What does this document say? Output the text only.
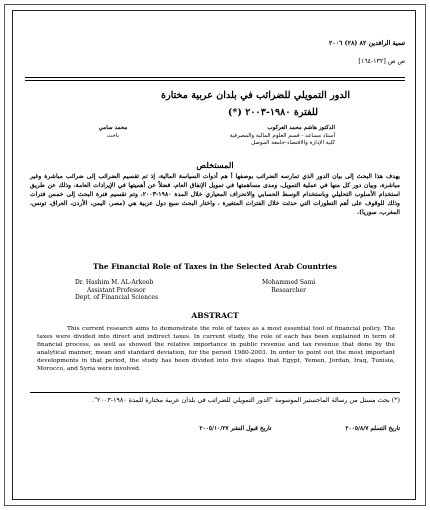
تنمية الرافدين ٨٢ (٢٨) ٢٠٠٦
ص ص [١٣٢-١٦٤]
الدور التمويلي للضرائب في بلدان عربية مختارة
للفترة ١٩٨٠-٢٠٠٣ (*)
الدكتور هاشم محمد العركوب
أستاذ مساعد - قسم العلوم المالية والمصرفية
كلية الإدارة والاقتصاد-جامعة الموصل
محمد سامي
باحث
المستخلص
يهدف هذا البحث إلى بيان الدور الذي تمارسه الضرائب بوصفها أ هم أدوات السياسة المالية، إذ تم تقسيم الضرائب إلى ضرائب مباشرة وغير مباشرة، وبيان دور كل منها في عملية التمويل، ومدى مساهمتها في تمويل الإنفاق العام، فضلاً عن أهميتها في الإيرادات العامة، وذلك عن طريق استخدام الأسلوب التحليلي وباستخدام الوسط الحسابي والانحراف المعياري خلال المدة ١٩٨٠-٢٠٠٣، وتم تقسيم فترة البحث إلى خمس فترات وذلك للوقوف على أهم التطورات التي حدثت خلال الفترات المتغيرة ، واختار البحث سبع دول عربية هي (مصر، اليمن، الأردن، العراق، تونس، المغرب، سوريا).
The Financial Role of Taxes in the Selected Arab Countries
Dr. Hashim M. AL-Arkoob
Assistant Professor
Dept. of Financial Sciences
Mohammed Sami
Researcher
ABSTRACT
This current research aims to demonstrate the role of taxes as a most essential tool of financial policy. The taxes were divided into direct and indirect taxes. In current study, the role of each has been explained in term of financial process, as well as showed the relative importance in public revenue and tax revenue that done by the analytical manner, mean and standard deviation, for the period 1980-2003. In order to point out the most important developments in that period, the study has been divided into five stages that Egypt, Yemen, Jordan, Iraq, Tunisia, Morocco, and Syria were involved.
(*) بحث مستل من رسالة الماجستير الموسومة "الدور التمويلي للضرائب في بلدان عربية مختارة للمدة ١٩٨٠-٢٠٠٣".
تاريخ التسلم ٢٠٠٥/٨/٧  تاريخ قبول النشر ٢٠٠٥/١٠/٢٧
